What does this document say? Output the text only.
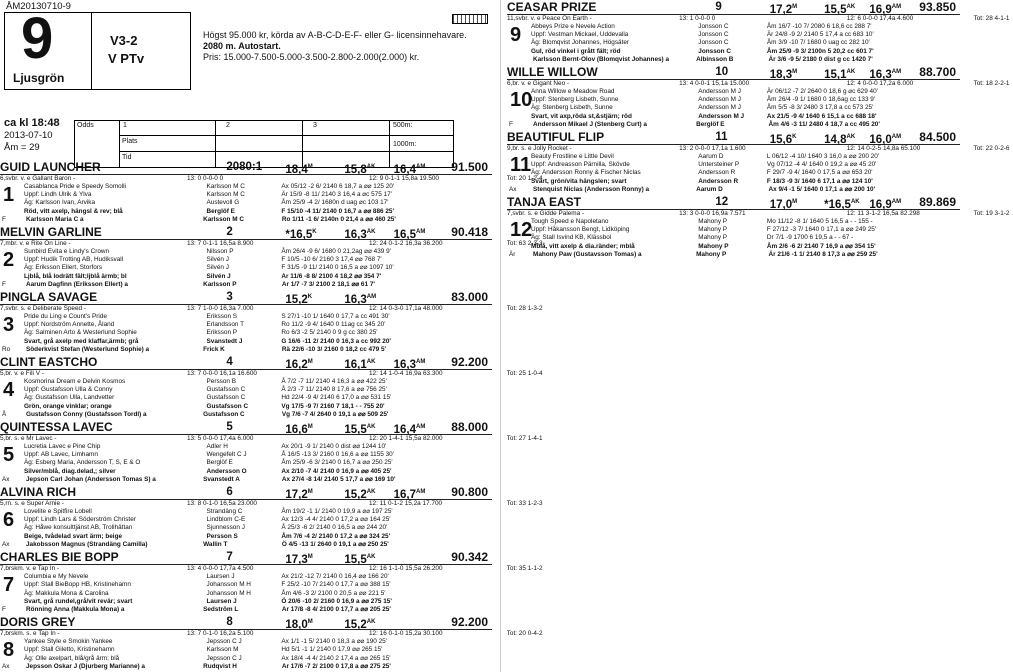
ÅM20130710-9
9
Ljusgrön
V3-2
V PTv
Högst 95.000 kr, körda av A-B-C-D-E-F- eller G- licensinnehavare.
2080 m. Autostart.
Pris: 15.000-7.500-5.000-3.500-2.800-2.000(2.000) kr.
ca kl 18:48
2013-07-10
Åm = 29
Odds	1	2	3
Plats
Tid
500m:
1000m:
GUID LAUNCHER	2080:1 $18,4^M$	$15,8^{AK}$ $16,4^{AM}$ 91.500
6,svbr. v. e Gallant Baron -	13: 0 0-0-0 0	12: 9 0-1-1 15,8a 19.500	Tot: 20 1-2-4
1 Casablanca Pride e Speedy Somolli	Karlsson M C	Ax 05/12 -2 6/ 2140 6 18,7 a ⌀⌀ 125 20'
Uppf: Lindh Ulrik & Ylva	Karlsson M C	Är 15/9 -8 11/ 2140 3 16,4 a ⌀c 575 17'
Äg: Karlsson Ivan, Arvika	Austevoll G	Åm 25/9 -4 2/ 1680n d uag ⌀c 103 17'
Röd, vitt axelp, hängsl & rev; blå	Berglöf E	F 15/10 -4 11/ 2140 0 16,7 a ⌀⌀ 886 25'
F	Karlsson Maria C a	Karlsson M C	Ro 1/11 -1 6/ 2140n 0 21,4 a ⌀⌀ 460 25'
MELVIN GARLINE	2	$*16,5^K$ $16,3^{AK}$ $16,5^{AM}$ 90.418
7,mbr. v. e Rite On Line -	13: 7 0-1-1 16,5a 8.900	12: 24 0-1-2 16,3a 36.200	Tot: 63 2-3-3
2 Sunbird Evita e Lindy's Crown	Nilsson P	Åm 26/4 -9 6/ 1680 0 21,2ag ⌀⌀ 439 9'
Uppf: Hudik Trotting AB, Hudiksvall	Silvén J	F 10/5 -10 6/ 2160 3 17,4 ⌀⌀ 768 7'
Äg: Eriksson Ellert, Storfors	Silvén J	F 31/5 -9 11/ 2140 0 16,5 a ⌀⌀ 1097 10'
Ljblå, blå lodrätt fält;ljblå ärmb; bl	Silvén J	Ar 11/6 -8 8/ 2100 4 18,2 ⌀⌀ 354 7'
F	Aarum Dagfinn (Eriksson Ellert) a	Karlsson P	Ar 1/7 -7 3/ 2100 2 18,1 ⌀⌀ 61 7'
PINGLA SAVAGE	3	$15,2^K$	$16,3^{AM}$	83.000
7,svbr. s. e Deliberate Speed -	13: 7 1-0-0 16,3a 7.000	12: 14 0-3-0 17,1a 48.000	Tot: 28 1-3-2
3 Pride du Ling e Count's Pride	Eriksson S	S 27/1 -10 1/ 1640 0 17,7 a cc 491 30'
Uppf: Nordström Annette, Åland	Erlandsson T	Ro 11/2 -9 4/ 1640 0 11ag cc 345 20'
Äg: Salminen Arto & Westerlund Sophie	Eriksson P	Ro 6/3 -2 5/ 2140 0 9 g cc 380 25'
Svart, grå axelp med klaffar,ärmb; grå	Svanstedt J	G 16/6 -11 2/ 2140 0 16,3 a cc 992 20'
Ro	Söderkvist Stefan (Westerlund Sophie) a	Frick K	Rä 22/6 -10 3/ 2160 0 18,2 cc 479 5'
CLINT EASTCHO	4	$16,2^M$	$16,1^{AK}$ $16,3^{AM}$ 92.200
5,br. v. e Fili V -	13: 7 0-0-0 16,1a 16.600	12: 14 1-0-4 16,9a 63.300	Tot: 25 1-0-4
4 Kosmorina Dream e Delvin Kosmos	Persson B	Å 7/2 -7 11/ 2140 4 16,3 a ⌀⌀ 422 25'
Uppf: Gustafsson Ulla & Conny	Gustafsson C	Å 2/3 -7 11/ 2140 8 17,6 a ⌀⌀ 756 25'
Äg: Gustafsson Ulla, Landvetter	Gustafsson C	Hd 22/4 -9 4/ 2140 6 17,0 a ⌀⌀ 531 15'
Grön, orange vinklar; orange	Gustafsson C	Vg 17/5 -9 7/ 2160 7 18,1 - - 755 20'
Å	Gustafsson Conny (Gustafsson Tordl) a	Gustafsson C	Vg 7/6 -7 4/ 2640 0 19,1 a ⌀⌀ 509 25'
QUINTESSA LAVEC	5	$16,6^M$	$15,5^{AK}$ $16,4^{AM}$ 88.000
5,br. s. e Mr Lavec -	13: 5 0-0-0 17,4a 6.000	12: 20 1-4-1 15,5a 82.000	Tot: 27 1-4-1
5 Lucretia Lavec e Pine Chip	Adler H	Ax 20/1 -9 1/ 2140 0 dist ⌀⌀ 1244 10'
Uppf: AB Lavec, Limhamn	Wengefelt C J	Å 16/5 -13 3/ 2160 0 16,6 a ⌀⌀ 1155 30'
Äg: Esberg Maria, Andersson T, S, E & O	Berglöf E	Åm 25/9 -6 3/ 2140 0 16,7 a ⌀⌀ 250 25'
Silver/mblå, diag.delad,; silver	Andersson O	Ax 2/10 -7 4/ 2140 0 16,9 a ⌀⌀ 405 25'
Ax	Jepson Carl Johan (Andersson Tomas S) a	Svanstedt A	Ax 27/4 -8 14/ 2140 5 17,7 a ⌀⌀ 169 10'
ALVINA RICH	6	$17,2^M$	$15,2^{AK}$ $16,7^{AM}$ 90.800
5,rn. s. e Super Arnie -	13: 8 0-1-0 16,5a 23.000	12: 11 0-1-2 15,2a 17.700	Tot: 33 1-2-3
6 Lovelite e Spitfire Lobell	Strandäng C	Åm 19/2 -1 1/ 2140 0 19,9 a ⌀⌀ 197 25'
Uppf: Lindh Lars & Söderström Christer	Lindblom C-E	Ax 12/3 -4 4/ 2140 0 17,2 a ⌀⌀ 164 25'
Äg: Håwe konsulttjänst AB, Trollhättan	Sjunnesson J	Å 25/3 -6 2/ 2140 0 16,5 a ⌀⌀ 244 20'
Beige, tvådelad svart ärm; beige	Persson S	Åm 7/6 -4 2/ 2140 0 17,2 a ⌀⌀ 324 25'
Ax	Jakobsson Magnus (Strandäng Camilla)	Wallin T	Ö 4/5 -13 1/ 2640 0 19,1 a ⌀⌀ 250 25'
CHARLES BIE BOPP	7	$17,3^M$	$15,5^{AK}$	90.342
7,brskm. v. e Tap In -	13: 4 0-0-0 17,7a 4.500	12: 16 1-1-0 15,5a 26.200	Tot: 35 1-1-2
7 Columbia e My Nevele	Laursen J	Ax 21/2 -12 7/ 2140 0 16,4 ⌀⌀ 166 20'
Uppf: Stall BieBopp HB, Kristinehamn	Johansson M H	F 25/2 -10 7/ 2140 0 17,7 a ⌀⌀ 388 15'
Äg: Makkula Mona & Carolina	Johansson M H	Åm 4/6 -3 2/ 2100 0 20,5 a ⌀⌀ 221 5'
Svart, grå rundel,grå/vit revär; svart	Laursen J	Ö 20/6 -10 2/ 2160 0 16,9 a ⌀⌀ 275 15'
F	Rönning Anna (Makkula Mona) a	Sedström L	Ar 17/8 -8 4/ 2100 0 17,7 a ⌀⌀ 205 25'
DORIS GREY	8	$18,0^M$	$15,2^{AK}$	92.200
7,brskm. s. e Tap In -	13: 7 0-1-0 16,2a 5.100	12: 16 0-1-0 15,2a 30.100	Tot: 20 0-4-2
8 Yankee Style e Smokin Yankee	Jepsson C J	Ax 1/1 -1 5/ 2140 0 18,3 a ⌀⌀ 190 25'
Uppf: Stall Giletto, Kristinehamn	Karlsson M	Hd 5/1 -1 1/ 2140 0 17,9 ⌀⌀ 265 15'
Äg: Olle axelpart, blå/grå ärm; blå	Jepsson C J	Ax 18/4 -4 4/ 2140 2 17,4 a ⌀⌀ 265 15'
Ax	Jepsson Oskar J (Djurberg Marianne) a	Rudqvist H	Ar 17/6 -7 2/ 2100 0 17,8 a ⌀⌀ 275 25'
CEASAR PRIZE	9	$17,2^M$ $15,5^{AK}$ $16,9^{AM}$ 93.850
11,svbr. v. e Peace On Earth -	13: 1 0-0-0 0	12: 6 0-0-0 17,4a 4.600	Tot: 28 4-1-1
9 Abbeys Prize e Nevele Action	Jonsson C	Åm 16/7 -10 7/ 2080 6 18,6 cc 288 7'
Uppf: Vestman Mickael, Uddevalla	Jonsson C	Är 24/8 -9 2/ 2140 5 17,4 a cc 683 10'
Äg: Blomqvist Johannes, Högsäter	Jonsson C	Åm 3/9 -10 7/ 1680 0 uag cc 282 10'
Gul, röd vinkel i grått fält; röd	Jonsson C	Åm 25/9 -9 3/ 2100n 5 20,2 cc 601 7'
Karlsson Bernt-Olov (Blomqvist Johannes) a	Albinsson B	Är 3/6 -9 5/ 2180 0 dist g cc 1420 7'
WILLE WILLOW	10	$18,3^M$ $15,1^{AK}$ $16,3^{AM}$ 88.700
6,br. v. e Gigant Neo -	13: 4 0-0-1 15,1a 15.000	12: 4 0-0-0 17,2a 6.000	Tot: 18 2-2-1
10
Anna Willow e Meadow Road	Andersson M J	Är 06/12 -7 2/ 2640 0 18,6 g ⌀c 629 40'
Uppf: Stenberg Lisbeth, Sunne	Andersson M J	Åm 26/4 -9 1/ 1680 0 18,6ag cc 133 9'
Äg: Stenberg Lisbeth, Sunne	Andersson M J	Åm 5/5 -8 3/ 2480 3 17,8 a cc 573 25'
Svart, vit axp,röda st,&stjärn; röd	Andersson M J	Ax 21/5 -9 4/ 1640 6 15,1 a cc 688 18'
F	Andersson Mikael J (Stenberg Curt) a	Berglöf E	Åm 4/6 -3 11/ 2480 4 18,7 a cc 495 20'
BEAUTIFUL FLIP	11	$15,6^K$ $14,8^{AK}$ $16,0^{AM}$ 84.500
9,br. s. e Jolly Rocket -	13: 2 0-0-0 17,1a 1.600	12: 14 0-2-5 14,8a 65.100	Tot: 22 0-2-6
11 Beauty Frostline e Little Devil	Aarum D	L 06/12 -4 10/ 1640 3 16,0 a ⌀⌀ 200 20'
Uppf: Andreasson Pärnilla, Skövde	Untersteiner P	Vg 07/12 -4 4/ 1640 0 19,2 a ⌀⌀ 45 20'
Äg: Andersson Ronny & Fischer Niclas	Andersson R	F 29/7 -9 4/ 1640 0 17,5 a ⌀⌀ 653 20'
Svart, grön/vita hängslen; svart	Andersson R	F 18/3 -9 3/ 1640 6 17,1 a ⌀⌀ 124 10'
Ax	Stenquist Niclas (Andersson Ronny) a	Aarum D	Ax 9/4 -1 5/ 1640 0 17,1 a ⌀⌀ 200 10'
TANJA EAST	12	$17,0^M$ $*16,5^{AK}$ $16,9^{AM}$ 89.869
7,svbr. s. e Gidde Palema -	13: 3 0-0-0 16,9a 7.571	12: 11 3-1-2 16,5a 82.298	Tot: 19 3-1-2
12
Tough Speed e Napoletano	Mahony P	Mo 11/12 -8 1/ 1640 5 16,5 a - - 155 -
Uppf: Håkansson Bengt, Lidköping	Mahony P	F 27/12 -3 7/ 1640 0 17,1 a ⌀⌀ 249 25'
Äg: Stall Isvind KB, Klässbol	Mahony P	Dr 7/1 -9 1700 6 19,5 a - - 67 -
Mblå, vitt axelp & dia.ränder; mblå	Mahony P	Åm 2/6 -6 2/ 2140 7 16,9 a ⌀⌀ 354 15'
Är	Mahony Paw (Gustavsson Tomas) a	Mahony P	Är 21/6 -1 1/ 2140 8 17,3 a ⌀⌀ 259 25'
